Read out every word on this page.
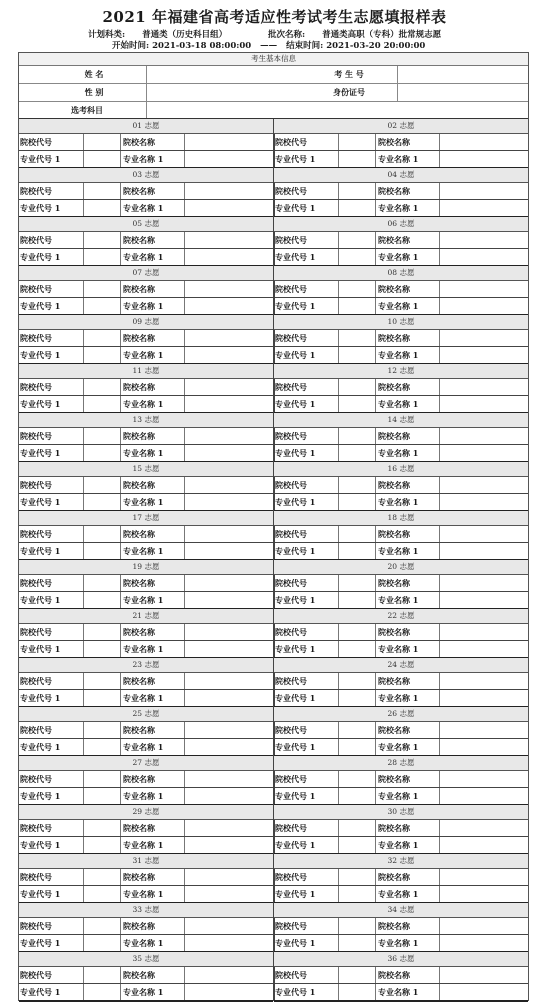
2021 年福建省高考适应性考试考生志愿填报样表
计划科类: 普通类（历史科目组）	批次名称: 普通类高职（专科）批常规志愿
开始时间: 2021-03-18 08:00:00 —— 结束时间: 2021-03-20 20:00:00
考生基本信息
姓 名	考 生 号
性 别	身份证号
选考科目
01 志愿
院校代号	院校名称
专业代号 1	专业名称 1
02 志愿
院校代号	院校名称
专业代号 1	专业名称 1
03 志愿
院校代号	院校名称
专业代号 1	专业名称 1
04 志愿
院校代号	院校名称
专业代号 1	专业名称 1
05 志愿
院校代号	院校名称
专业代号 1	专业名称 1
06 志愿
院校代号	院校名称
专业代号 1	专业名称 1
07 志愿
院校代号	院校名称
专业代号 1	专业名称 1
08 志愿
院校代号	院校名称
专业代号 1	专业名称 1
09 志愿
院校代号	院校名称
专业代号 1	专业名称 1
10 志愿
院校代号	院校名称
专业代号 1	专业名称 1
11 志愿
院校代号	院校名称
专业代号 1	专业名称 1
12 志愿
院校代号	院校名称
专业代号 1	专业名称 1
13 志愿
院校代号	院校名称
专业代号 1	专业名称 1
14 志愿
院校代号	院校名称
专业代号 1	专业名称 1
15 志愿
院校代号	院校名称
专业代号 1	专业名称 1
16 志愿
院校代号	院校名称
专业代号 1	专业名称 1
17 志愿
院校代号	院校名称
专业代号 1	专业名称 1
18 志愿
院校代号	院校名称
专业代号 1	专业名称 1
19 志愿
院校代号	院校名称
专业代号 1	专业名称 1
20 志愿
院校代号	院校名称
专业代号 1	专业名称 1
21 志愿
院校代号	院校名称
专业代号 1	专业名称 1
22 志愿
院校代号	院校名称
专业代号 1	专业名称 1
23 志愿
院校代号	院校名称
专业代号 1	专业名称 1
24 志愿
院校代号	院校名称
专业代号 1	专业名称 1
25 志愿
院校代号	院校名称
专业代号 1	专业名称 1
26 志愿
院校代号	院校名称
专业代号 1	专业名称 1
27 志愿
院校代号	院校名称
专业代号 1	专业名称 1
28 志愿
院校代号	院校名称
专业代号 1	专业名称 1
29 志愿
院校代号	院校名称
专业代号 1	专业名称 1
30 志愿
院校代号	院校名称
专业代号 1	专业名称 1
31 志愿
院校代号	院校名称
专业代号 1	专业名称 1
32 志愿
院校代号	院校名称
专业代号 1	专业名称 1
33 志愿
院校代号	院校名称
专业代号 1	专业名称 1
34 志愿
院校代号	院校名称
专业代号 1	专业名称 1
35 志愿
院校代号	院校名称
专业代号 1	专业名称 1
36 志愿
院校代号	院校名称
专业代号 1	专业名称 1
